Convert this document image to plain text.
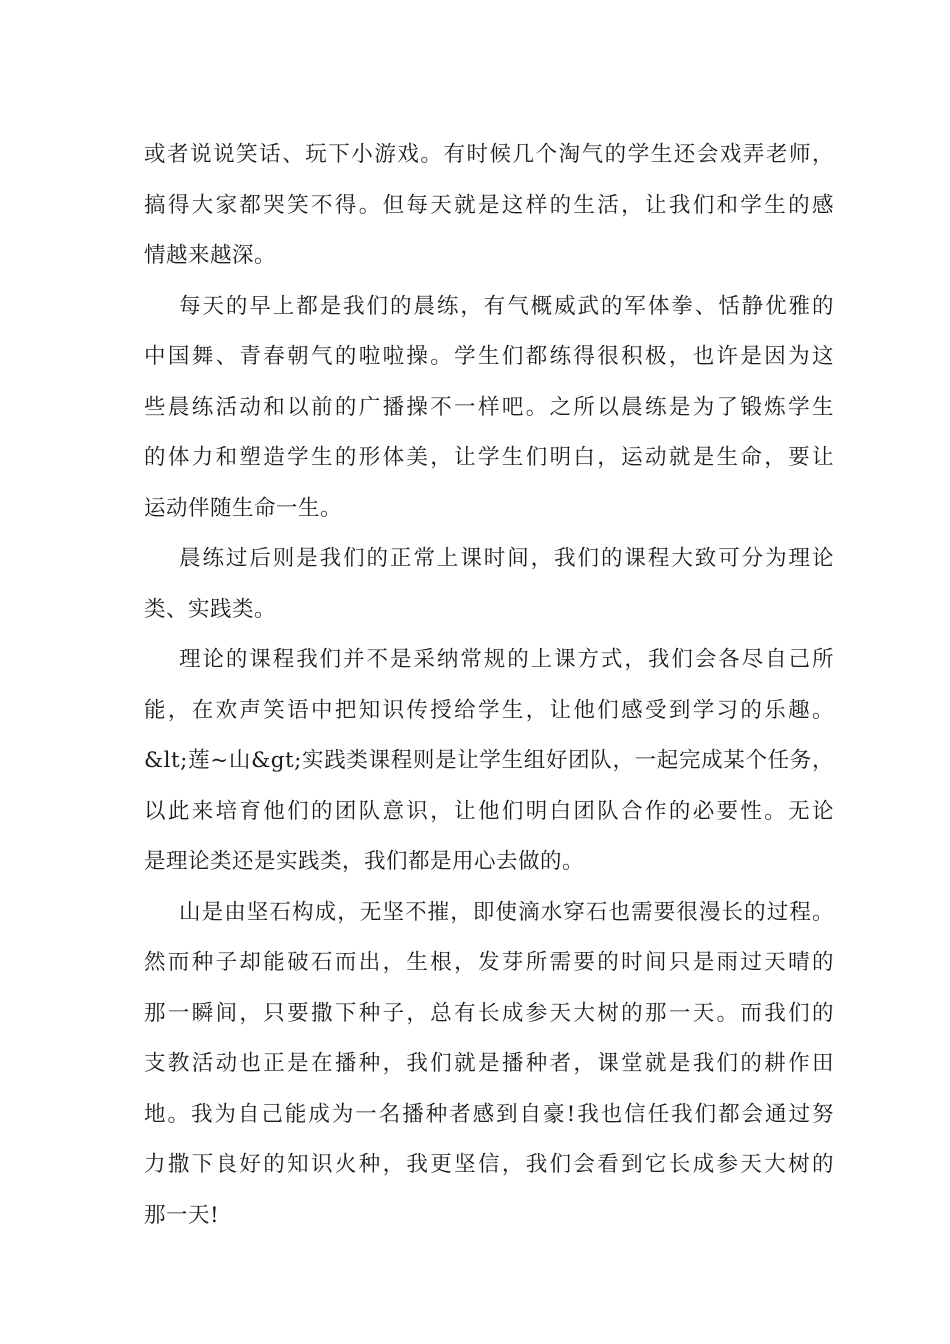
或者说说笑话、玩下小游戏。有时候几个淘气的学生还会戏弄老师，
搞得大家都哭笑不得。但每天就是这样的生活，让我们和学生的感
情越来越深。
每天的早上都是我们的晨练，有气概威武的军体拳、恬静优雅的
中国舞、青春朝气的啦啦操。学生们都练得很积极，也许是因为这
些晨练活动和以前的广播操不一样吧。之所以晨练是为了锻炼学生
的体力和塑造学生的形体美，让学生们明白，运动就是生命，要让
运动伴随生命一生。
晨练过后则是我们的正常上课时间，我们的课程大致可分为理论
类、实践类。
理论的课程我们并不是采纳常规的上课方式，我们会各尽自己所
能，在欢声笑语中把知识传授给学生，让他们感受到学习的乐趣。
&lt;莲~山&gt;实践类课程则是让学生组好团队，一起完成某个任务，
以此来培育他们的团队意识，让他们明白团队合作的必要性。无论
是理论类还是实践类，我们都是用心去做的。
山是由坚石构成，无坚不摧，即使滴水穿石也需要很漫长的过程。
然而种子却能破石而出，生根，发芽所需要的时间只是雨过天晴的
那一瞬间，只要撒下种子，总有长成参天大树的那一天。而我们的
支教活动也正是在播种，我们就是播种者，课堂就是我们的耕作田
地。我为自己能成为一名播种者感到自豪!我也信任我们都会通过努
力撒下良好的知识火种，我更坚信，我们会看到它长成参天大树的
那一天!
